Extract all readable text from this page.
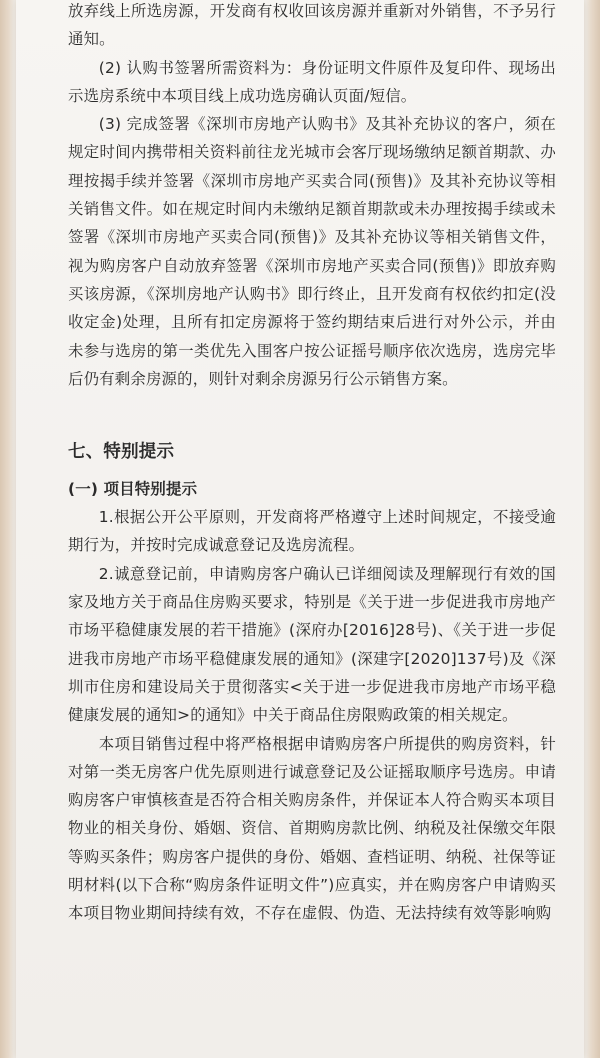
放弃线上所选房源，开发商有权收回该房源并重新对外销售，不予另行通知。

(2) 认购书签署所需资料为：身份证明文件原件及复印件、现场出示选房系统中本项目线上成功选房确认页面/短信。

(3) 完成签署《深圳市房地产认购书》及其补充协议的客户，须在规定时间内携带相关资料前往龙光城市会客厅现场缴纳足额首期款、办理按揭手续并签署《深圳市房地产买卖合同(预售)》及其补充协议等相关销售文件。如在规定时间内未缴纳足额首期款或未办理按揭手续或未签署《深圳市房地产买卖合同(预售)》及其补充协议等相关销售文件，视为购房客户自动放弃签署《深圳市房地产买卖合同(预售)》即放弃购买该房源，《深圳房地产认购书》即行终止，且开发商有权依约扣定(没收定金)处理，且所有扣定房源将于签约期结束后进行对外公示，并由未参与选房的第一类优先入围客户按公证摇号顺序依次选房，选房完毕后仍有剩余房源的，则针对剩余房源另行公示销售方案。

七、特别提示
(一) 项目特别提示

1.根据公开公平原则，开发商将严格遵守上述时间规定，不接受逾期行为，并按时完成诚意登记及选房流程。

2.诚意登记前，申请购房客户确认已详细阅读及理解现行有效的国家及地方关于商品住房购买要求，特别是《关于进一步促进我市房地产市场平稳健康发展的若干措施》(深府办[2016]28号)、《关于进一步促进我市房地产市场平稳健康发展的通知》(深建字[2020]137号)及《深圳市住房和建设局关于贯彻落实<关于进一步促进我市房地产市场平稳健康发展的通知>的通知》中关于商品住房限购政策的相关规定。

本项目销售过程中将严格根据申请购房客户所提供的购房资料，针对第一类无房客户优先原则进行诚意登记及公证摇取顺序号选房。申请购房客户审慎核查是否符合相关购房条件，并保证本人符合购买本项目物业的相关身份、婚姻、资信、首期购房款比例、纳税及社保缴交年限等购买条件；购房客户提供的身份、婚姻、查档证明、纳税、社保等证明材料(以下合称“购房条件证明文件”)应真实，并在购房客户申请购买本项目物业期间持续有效，不存在虚假、伪造、无法持续有效等影响购
